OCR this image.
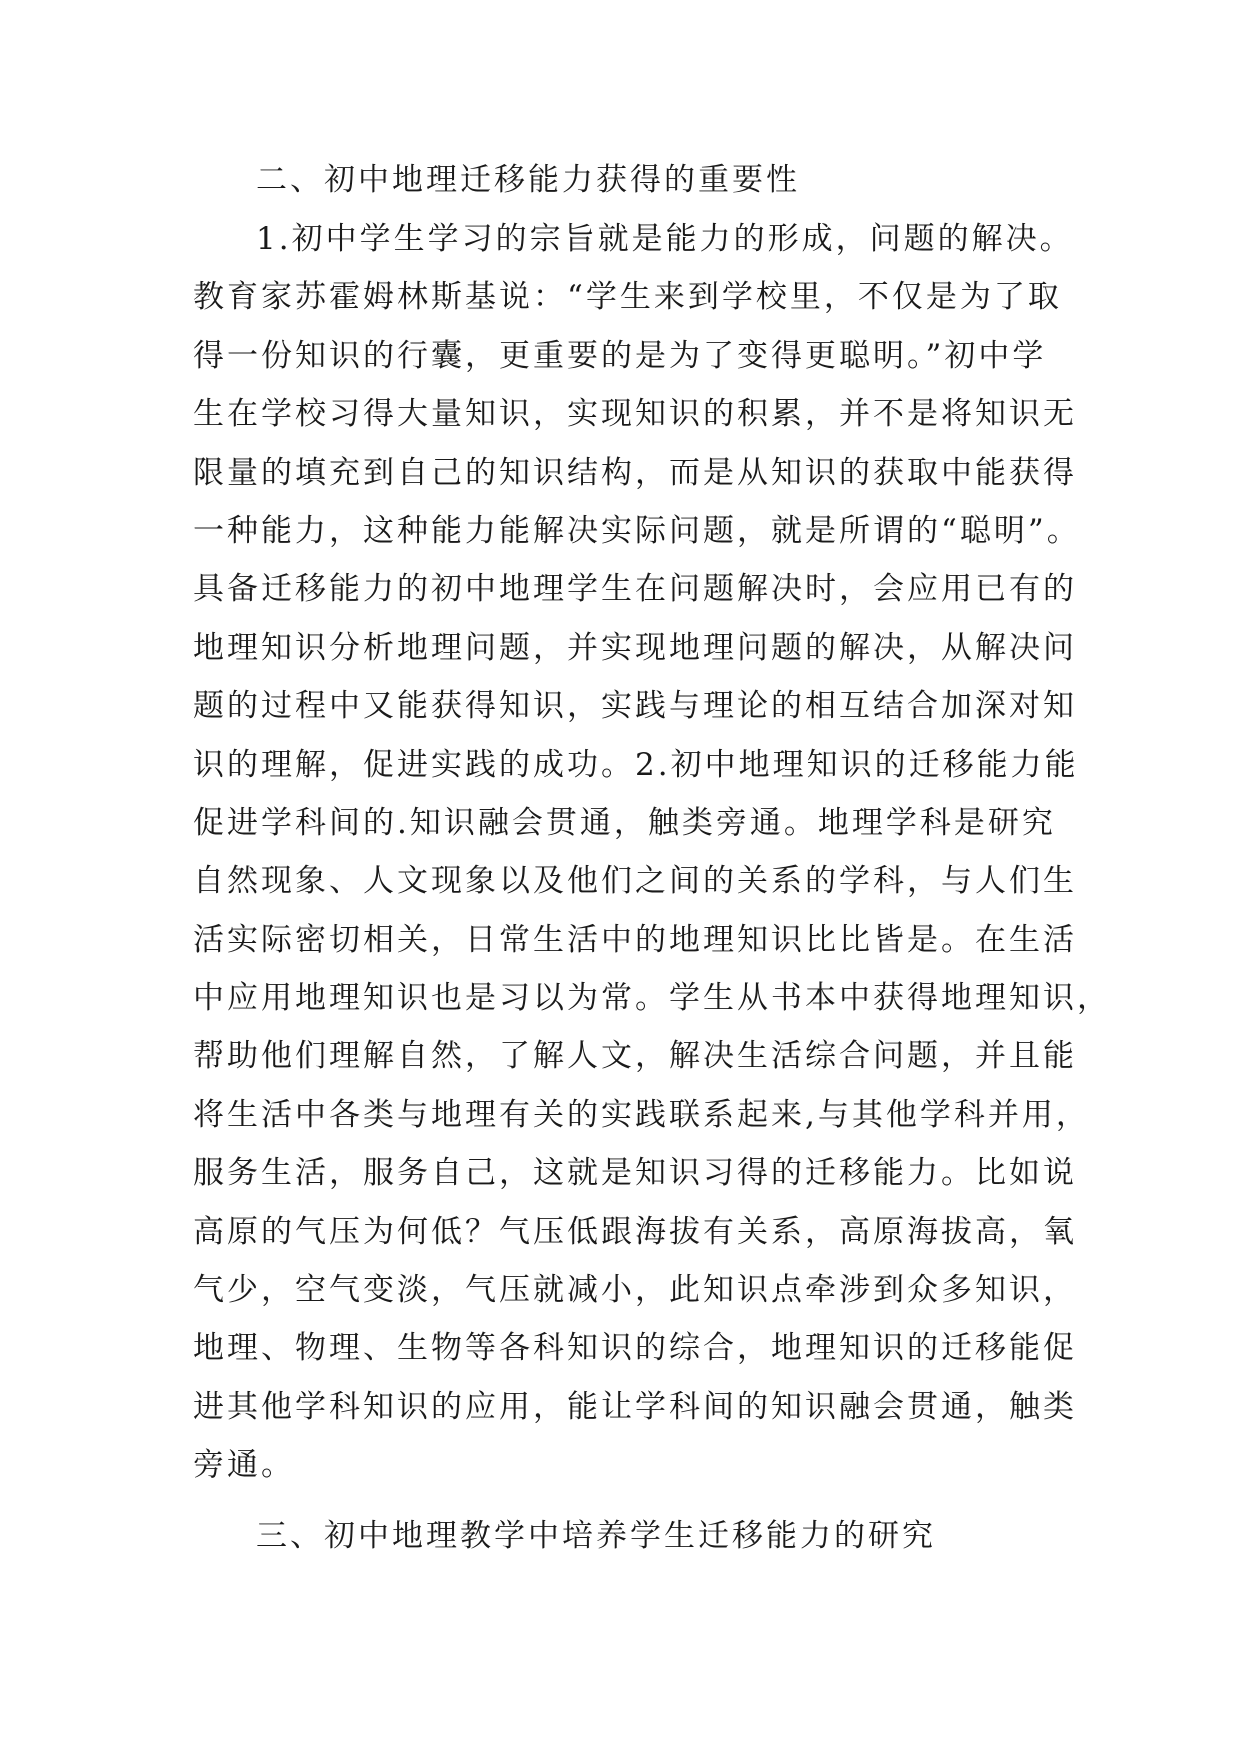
二、初中地理迁移能力获得的重要性
1.初中学生学习的宗旨就是能力的形成，问题的解决。
教育家苏霍姆林斯基说：“学生来到学校里，不仅是为了取
得一份知识的行囊，更重要的是为了变得更聪明。”初中学
生在学校习得大量知识，实现知识的积累，并不是将知识无
限量的填充到自己的知识结构，而是从知识的获取中能获得
一种能力，这种能力能解决实际问题，就是所谓的“聪明”。
具备迁移能力的初中地理学生在问题解决时，会应用已有的
地理知识分析地理问题，并实现地理问题的解决，从解决问
题的过程中又能获得知识，实践与理论的相互结合加深对知
识的理解，促进实践的成功。2.初中地理知识的迁移能力能
促进学科间的.知识融会贯通，触类旁通。地理学科是研究
自然现象、人文现象以及他们之间的关系的学科，与人们生
活实际密切相关，日常生活中的地理知识比比皆是。在生活
中应用地理知识也是习以为常。学生从书本中获得地理知识，
帮助他们理解自然，了解人文，解决生活综合问题，并且能
将生活中各类与地理有关的实践联系起来,与其他学科并用，
服务生活，服务自己，这就是知识习得的迁移能力。比如说
高原的气压为何低？气压低跟海拔有关系，高原海拔高，氧
气少，空气变淡，气压就减小，此知识点牵涉到众多知识，
地理、物理、生物等各科知识的综合，地理知识的迁移能促
进其他学科知识的应用，能让学科间的知识融会贯通，触类
旁通。
三、初中地理教学中培养学生迁移能力的研究
